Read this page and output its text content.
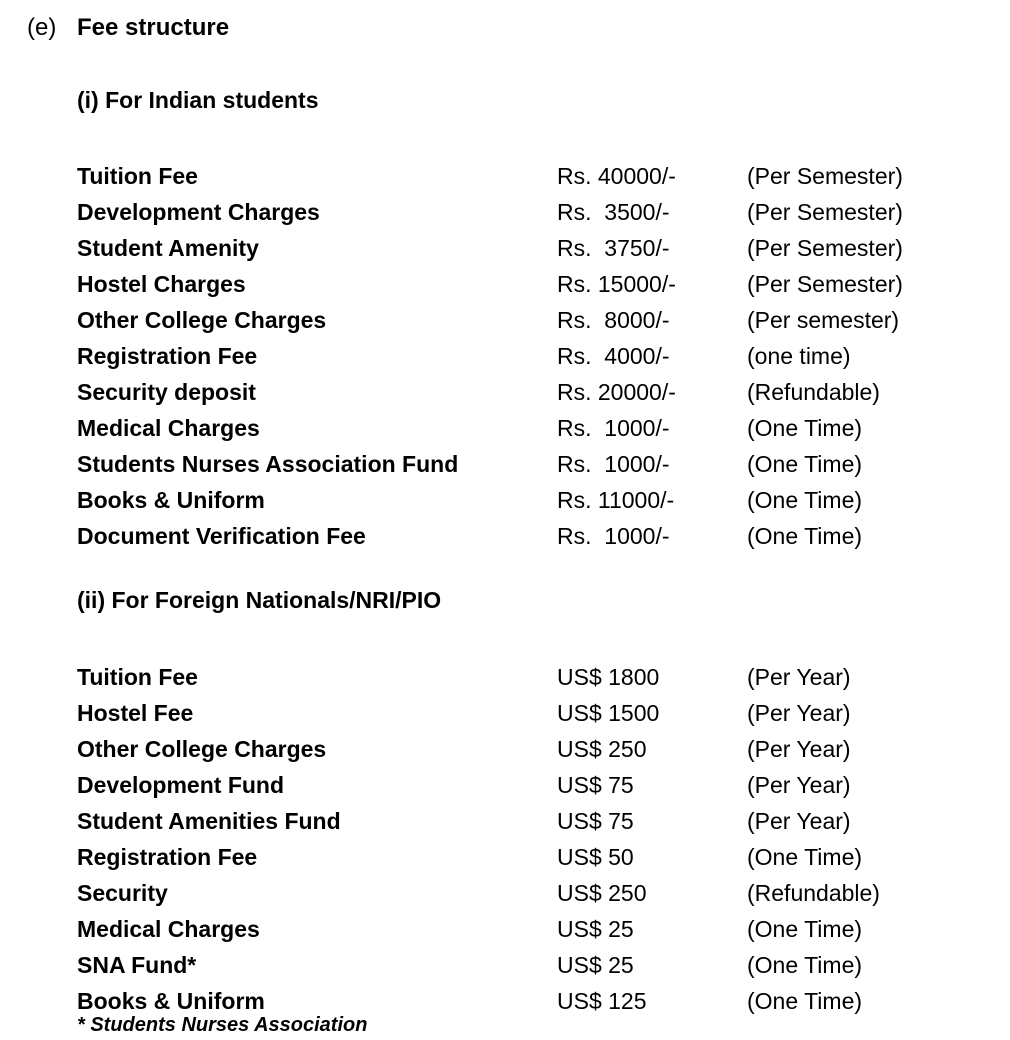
(e) Fee structure
(i) For Indian students
Tuition Fee	Rs. 40000/-	(Per Semester)
Development Charges	Rs.  3500/-	(Per Semester)
Student Amenity	Rs.  3750/-	(Per Semester)
Hostel Charges	Rs. 15000/-	(Per Semester)
Other College Charges	Rs.  8000/-	(Per semester)
Registration Fee	Rs.  4000/-	(one time)
Security deposit	Rs. 20000/-	(Refundable)
Medical Charges	Rs.  1000/-	(One Time)
Students Nurses Association Fund	Rs.  1000/-	(One Time)
Books & Uniform	Rs. 11000/-	(One Time)
Document Verification Fee	Rs.  1000/-	(One Time)
(ii) For Foreign Nationals/NRI/PIO
Tuition Fee	US$ 1800	(Per Year)
Hostel Fee	US$ 1500	(Per Year)
Other College Charges	US$ 250	(Per Year)
Development Fund	US$ 75	(Per Year)
Student Amenities Fund	US$ 75	(Per Year)
Registration Fee	US$ 50	(One Time)
Security	US$ 250	(Refundable)
Medical Charges	US$ 25	(One Time)
SNA Fund*	US$ 25	(One Time)
Books & Uniform	US$ 125	(One Time)
* Students Nurses Association
